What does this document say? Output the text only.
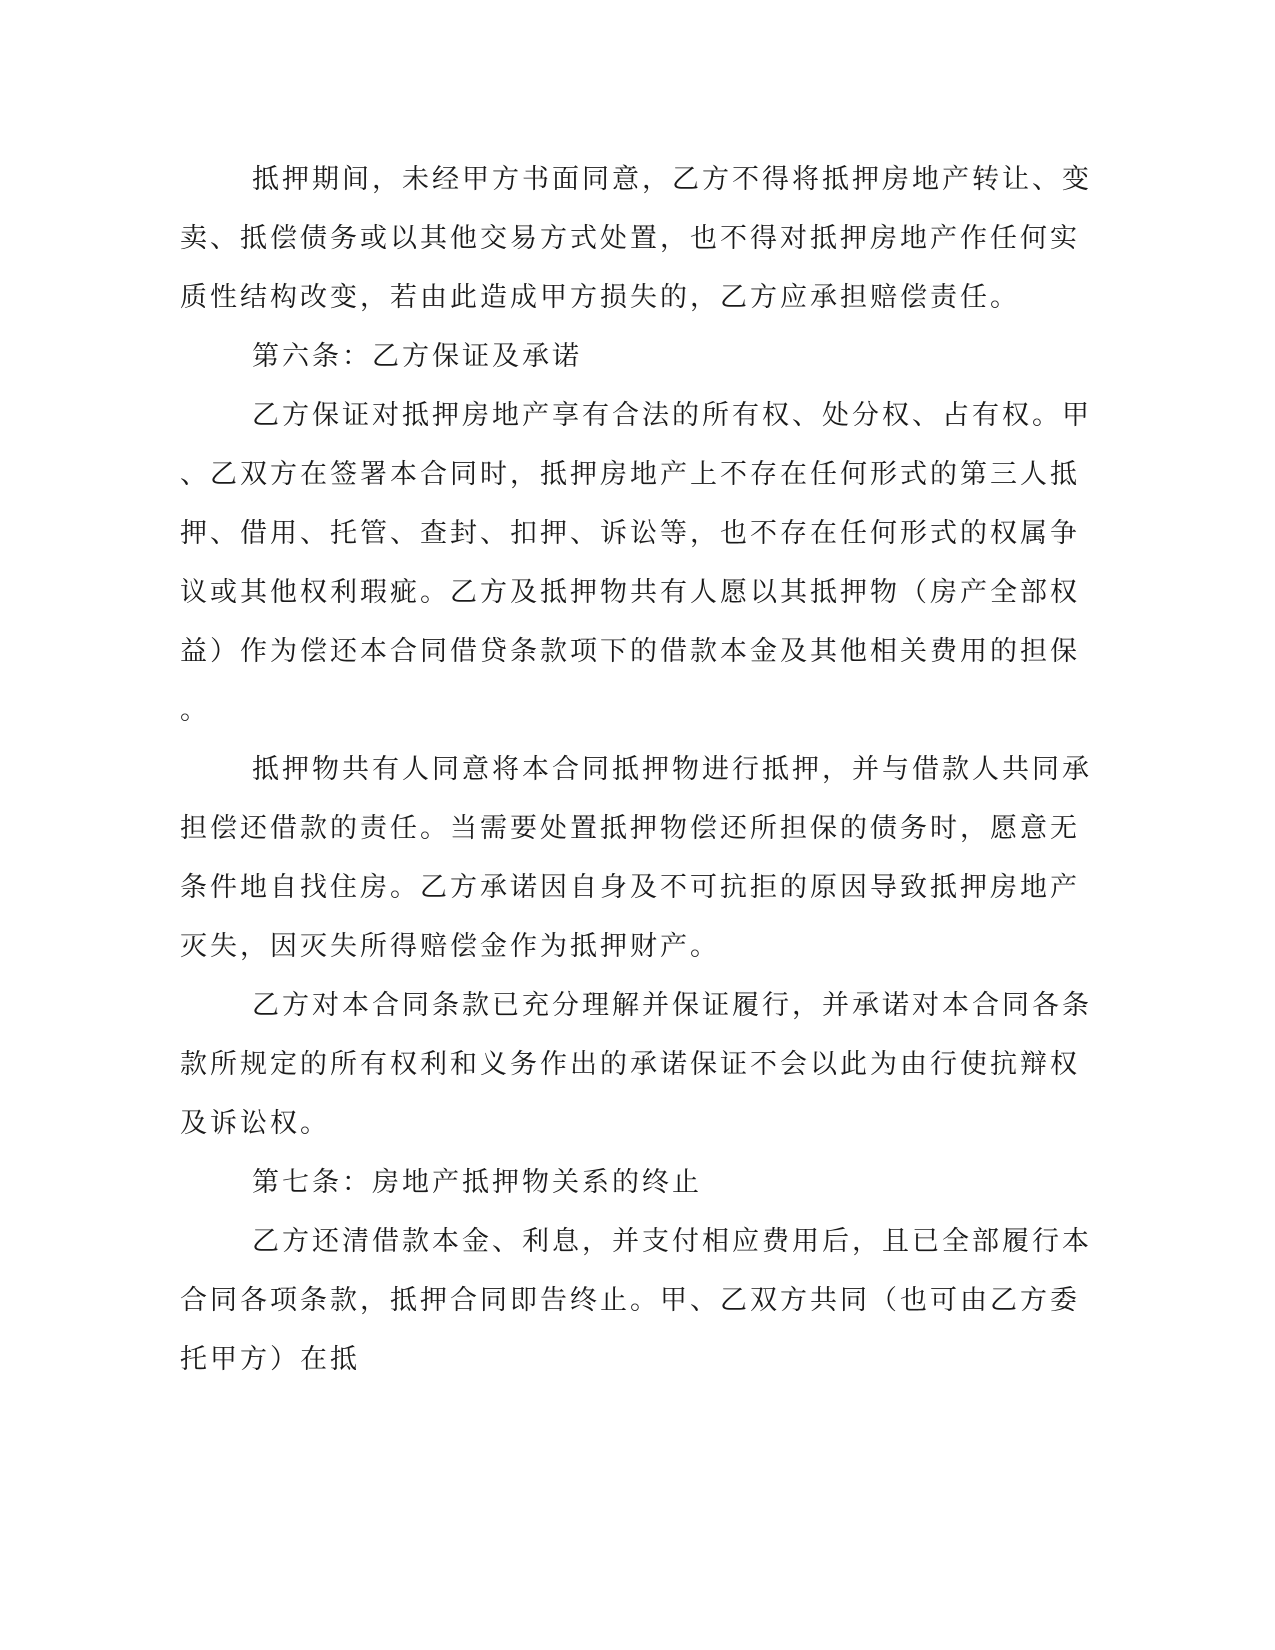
抵押期间，未经甲方书面同意，乙方不得将抵押房地产转让、变
卖、抵偿债务或以其他交易方式处置，也不得对抵押房地产作任何实
质性结构改变，若由此造成甲方损失的，乙方应承担赔偿责任。
第六条：乙方保证及承诺
乙方保证对抵押房地产享有合法的所有权、处分权、占有权。甲
、乙双方在签署本合同时，抵押房地产上不存在任何形式的第三人抵
押、借用、托管、查封、扣押、诉讼等，也不存在任何形式的权属争
议或其他权利瑕疵。乙方及抵押物共有人愿以其抵押物（房产全部权
益）作为偿还本合同借贷条款项下的借款本金及其他相关费用的担保
。
抵押物共有人同意将本合同抵押物进行抵押，并与借款人共同承
担偿还借款的责任。当需要处置抵押物偿还所担保的债务时，愿意无
条件地自找住房。乙方承诺因自身及不可抗拒的原因导致抵押房地产
灭失，因灭失所得赔偿金作为抵押财产。
乙方对本合同条款已充分理解并保证履行，并承诺对本合同各条
款所规定的所有权利和义务作出的承诺保证不会以此为由行使抗辩权
及诉讼权。
第七条：房地产抵押物关系的终止
乙方还清借款本金、利息，并支付相应费用后，且已全部履行本
合同各项条款，抵押合同即告终止。甲、乙双方共同（也可由乙方委
托甲方）在抵
